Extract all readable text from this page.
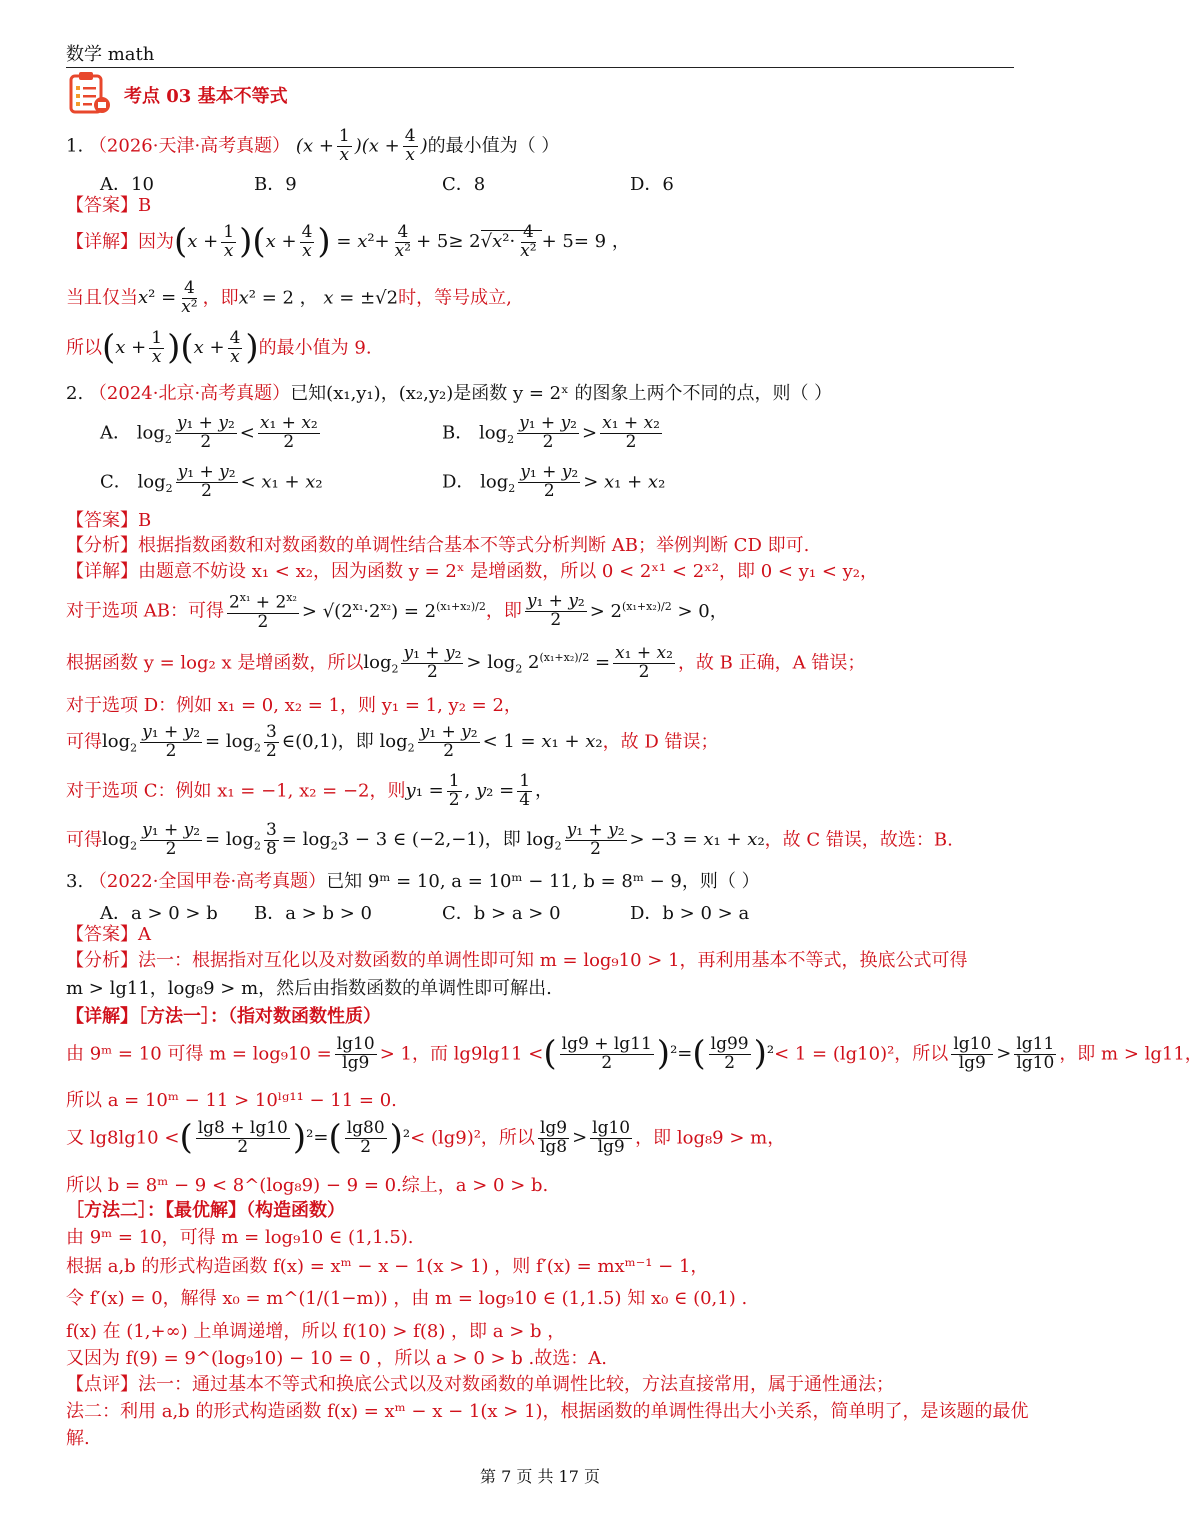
数学 math
考点 03 基本不等式
1. （2026·天津·高考真题） $(x + \frac{1}{x} )(x + \frac{4}{x}$ )的最小值为（ ）
A．10	B．9	C．8	D．6
【答案】B
【详解】因为$(x + \frac{1}{x} )(x + \frac{4}{x}$ ) = $x^2+ \frac{4}{\text{x²}} + 5\ge 2√x^2\cdot \frac{4}{\text{x²}} + 5= 9$ ，
当且仅当$x^2 = \frac{4}{\text{x²}}$ ，即x² = 2 ， x = ±√2时，等号成立,
所以$(x + \frac{1}{x} )(x + \frac{4}{x}$ )的最小值为 9.
2. （2024·北京·高考真题）已知(x₁,y₁)，(x₂,y₂)是函数 y = 2ˣ 的图象上两个不同的点，则（ ）
A． $\log_2 \frac{\text{y₁ + y₂}}{2} < \frac{\text{x₁ + x₂}}{2}$	B． $\log_2 \frac{\text{y₁ + y₂}}{2} > \frac{\text{x₁ + x₂}}{2}$
C． $\log_2 \frac{\text{y₁ + y₂}}{2} < x_1 + x_2$	D． $\log_2 \frac{\text{y₁ + y₂}}{2} > x_1 + x_2$
【答案】B
【分析】根据指数函数和对数函数的单调性结合基本不等式分析判断 AB；举例判断 CD 即可.
【详解】由题意不妨设 x₁ < x₂，因为函数 y = 2ˣ 是增函数，所以 0 < 2ˣ¹ < 2ˣ²，即 0 < y₁ < y₂，
对于选项 AB：可得 $\frac{2^{x_1} + 2^{x_2}}{2} > √(2^{x_1}\cdot 2^{x_2}) = 2^{(x_1+x_2)/2}$，即 $\frac{\text{y₁ + y₂}}{2} > 2^{(x_1+x_2)/2} > 0$，
根据函数 y = log₂ x 是增函数，所以$\log_2 \frac{\text{y₁ + y₂}}{2} > \log_2 2^{(x_1+x_2)/2} = \frac{\text{x₁ + x₂}}{2}$ ，故 B 正确，A 错误；
对于选项 D：例如 x₁ = 0, x₂ = 1，则 y₁ = 1, y₂ = 2，
可得$\log_2 \frac{\text{y₁ + y₂}}{2} = \log_2 \frac{3}{2}$ ∈(0,1)，即 $\log_2 \frac{\text{y₁ + y₂}}{2} < 1 = x_1 + x_2$，故 D 错误；
对于选项 C：例如 x₁ = −1, x₂ = −2，则$y_1 = \frac{1}{2}$ , $y_2 = \frac{1}{4}$ ，
可得$\log_2 \frac{\text{y₁ + y₂}}{2} = \log_2 \frac{3}{8} = \log_23 - 3$ ∈ (−2,−1)，即 $\log_2 \frac{\text{y₁ + y₂}}{2} > -3 = x_1 + x_2$，故 C 错误，故选：B.
3. （2022·全国甲卷·高考真题）已知 9ᵐ = 10, a = 10ᵐ − 11, b = 8ᵐ − 9，则（ ）
A．a > 0 > b B．a > b > 0	C．b > a > 0	D．b > 0 > a
【答案】A
【分析】法一：根据指对互化以及对数函数的单调性即可知 m = log₉10 > 1，再利用基本不等式，换底公式可得
m > lg11，log₈9 > m，然后由指数函数的单调性即可解出.
【详解】［方法一］：（指对数函数性质）
由 9ᵐ = 10 可得 $m = \log_910 = \frac{\lg 10}{\lg 9} > 1$，而 lg9lg11 <( $\frac{\lg 9 + \lg 11}{2} )^2=( \frac{\lg 99}{2} )^2< 1 = (\lg 10)^2$，所以 $\frac{\lg 10}{\lg 9} > \frac{\lg 11}{\lg 10}$ ，即 m > lg11，
所以 a = 10ᵐ − 11 > 10ˡᵍ¹¹ − 11 = 0.
又 lg8lg10 <( $\frac{\lg 8 + \lg 10}{2} )^2=( \frac{\lg 80}{2} )^2< (\lg 9)^2$，所以 $\frac{\lg 9}{\lg 8} > \frac{\lg 10}{\lg 9}$ ，即 log₈9 > m，
所以 b = 8ᵐ − 9 < 8^(log₈9) − 9 = 0.综上，a > 0 > b.
［方法二］：【最优解】（构造函数）
由 9ᵐ = 10，可得 m = log₉10 ∈ (1,1.5).
根据 a,b 的形式构造函数 f(x) = xᵐ − x − 1(x > 1) ，则 f′(x) = mxᵐ⁻¹ − 1，
令 f′(x) = 0，解得 x₀ = m^(1/(1−m)) ，由 m = log₉10 ∈ (1,1.5) 知 x₀ ∈ (0,1) .
f(x) 在 (1,+∞) 上单调递增，所以 f(10) > f(8) ，即 a > b ，
又因为 f(9) = 9^(log₉10) − 10 = 0 ，所以 a > 0 > b .故选：A.
【点评】法一：通过基本不等式和换底公式以及对数函数的单调性比较，方法直接常用，属于通性通法；
法二：利用 a,b 的形式构造函数 f(x) = xᵐ − x − 1(x > 1)，根据函数的单调性得出大小关系，简单明了，是该题的最优
解.
第 7 页 共 17 页
